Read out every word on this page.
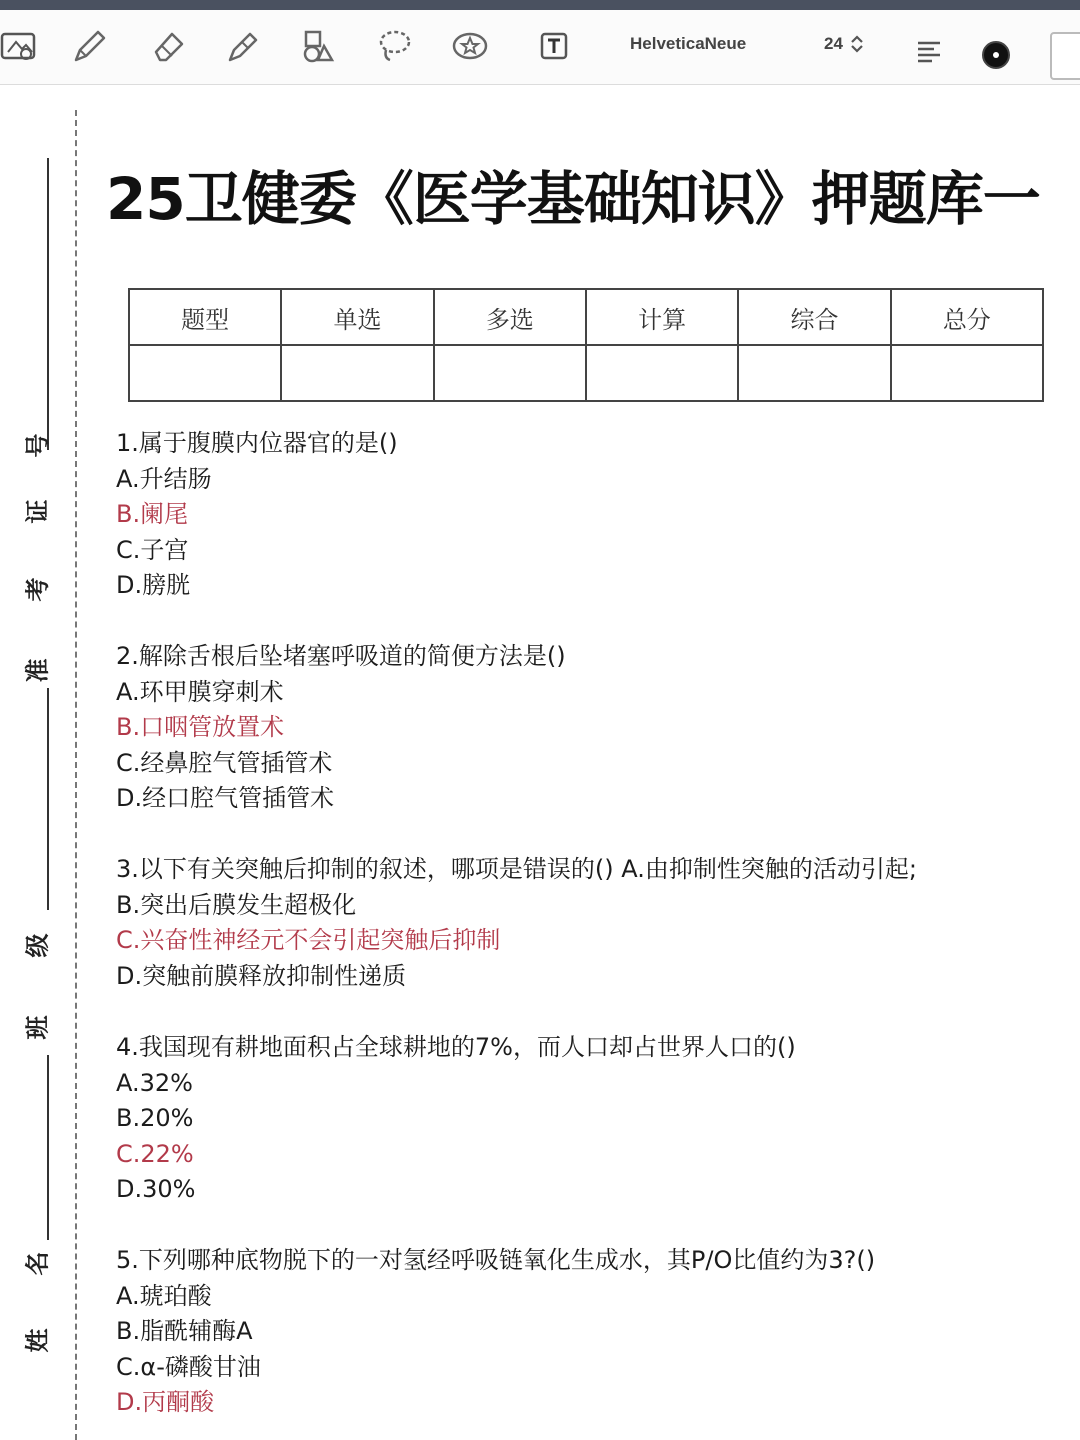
HelveticaNeue	24
号
证
考
准
级
班
名
姓
25卫健委《医学基础知识》押题库一
题型	单选	多选	计算	综合	总分

1.属于腹膜内位器官的是()
A.升结肠
B.阑尾
C.子宫
D.膀胱
2.解除舌根后坠堵塞呼吸道的简便方法是()
A.环甲膜穿刺术
B.口咽管放置术
C.经鼻腔气管插管术
D.经口腔气管插管术
3.以下有关突触后抑制的叙述，哪项是错误的() A.由抑制性突触的活动引起;
B.突出后膜发生超极化
C.兴奋性神经元不会引起突触后抑制
D.突触前膜释放抑制性递质
4.我国现有耕地面积占全球耕地的7%，而人口却占世界人口的()
A.32%
B.20%
C.22%
D.30%
5.下列哪种底物脱下的一对氢经呼吸链氧化生成水，其P/O比值约为3?()
A.琥珀酸
B.脂酰辅酶A
C.α-磷酸甘油
D.丙酮酸
